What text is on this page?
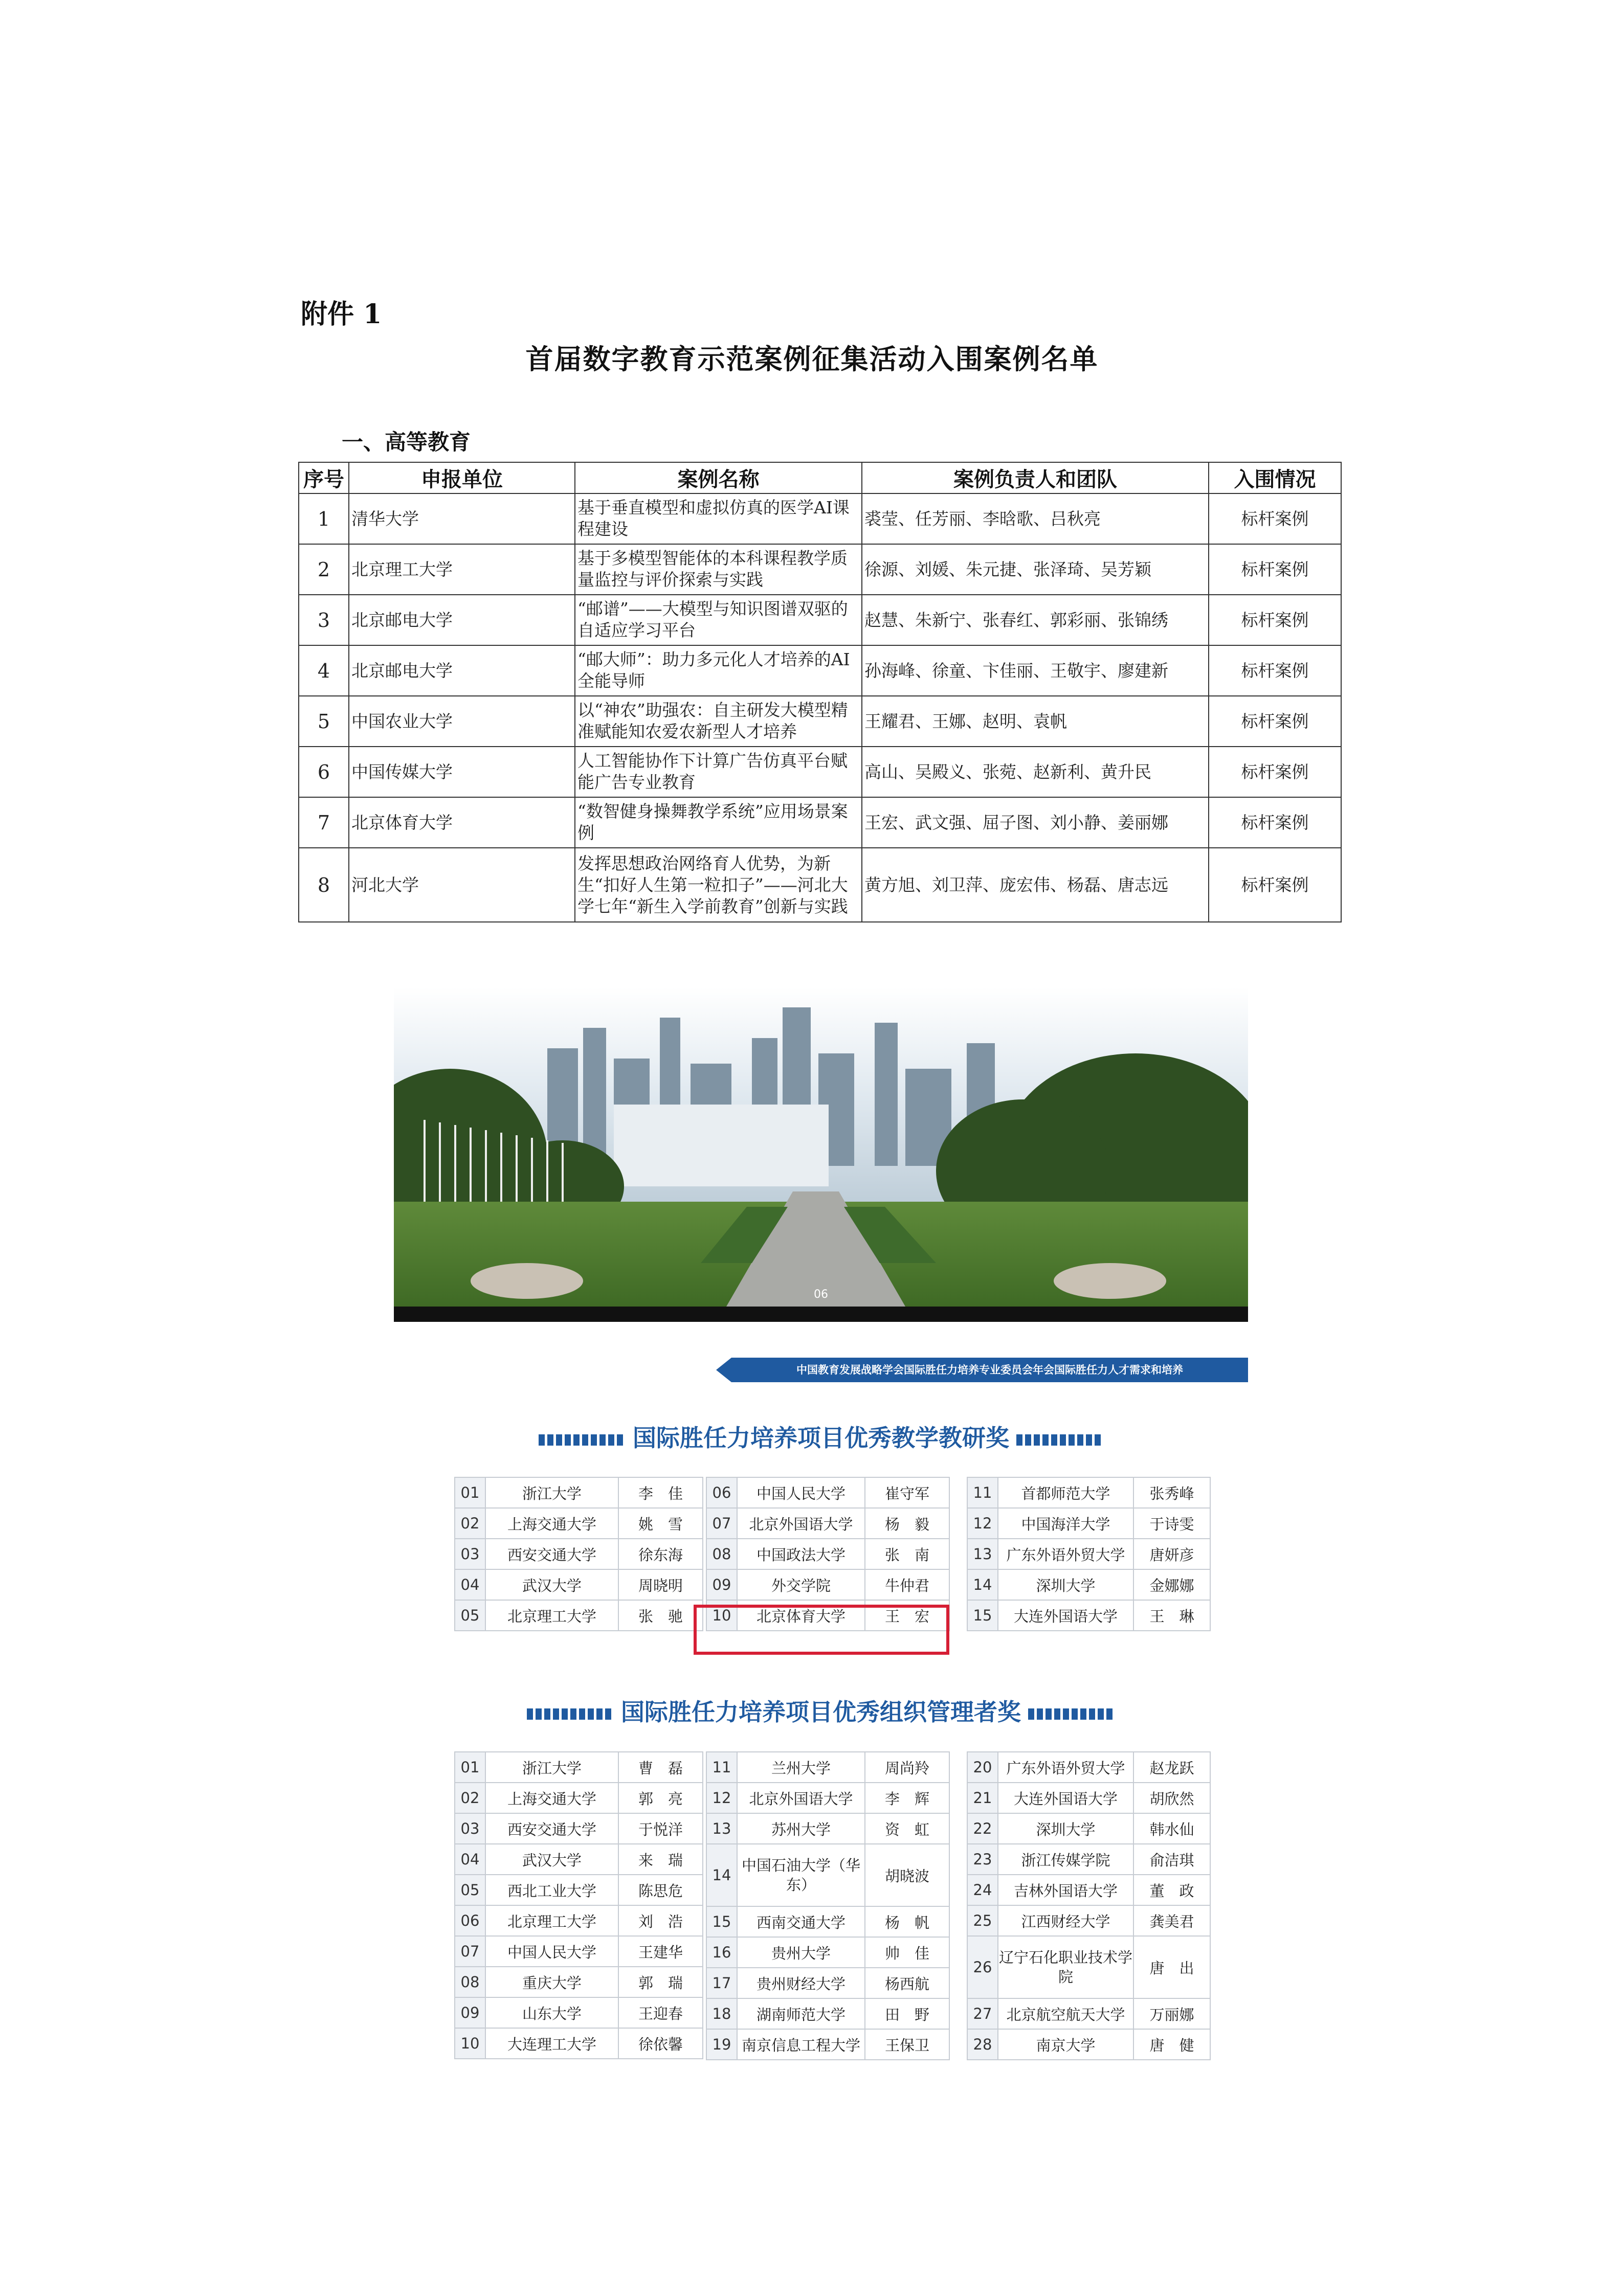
附件 1
首届数字教育示范案例征集活动入围案例名单
一、高等教育
序号	申报单位	案例名称	案例负责人和团队	入围情况
1	清华大学	基于垂直模型和虚拟仿真的医学AI课程建设	裘莹、任芳丽、李晗歌、吕秋亮	标杆案例
2	北京理工大学	基于多模型智能体的本科课程教学质量监控与评价探索与实践	徐源、刘媛、朱元捷、张泽琦、吴芳颖	标杆案例
3	北京邮电大学	“邮谱”——大模型与知识图谱双驱的自适应学习平台	赵慧、朱新宁、张春红、郭彩丽、张锦绣	标杆案例
4	北京邮电大学	“邮大师”：助力多元化人才培养的AI全能导师	孙海峰、徐童、卞佳丽、王敬宇、廖建新	标杆案例
5	中国农业大学	以“神农”助强农：自主研发大模型精准赋能知农爱农新型人才培养	王耀君、王娜、赵明、袁帆	标杆案例
6	中国传媒大学	人工智能协作下计算广告仿真平台赋能广告专业教育	高山、吴殿义、张菀、赵新利、黄升民	标杆案例
7	北京体育大学	“数智健身操舞教学系统”应用场景案例	王宏、武文强、屈子图、刘小静、姜丽娜	标杆案例
8	河北大学	发挥思想政治网络育人优势，为新生“扣好人生第一粒扣子”——河北大学七年“新生入学前教育”创新与实践	黄方旭、刘卫萍、庞宏伟、杨磊、唐志远	标杆案例
06
中国教育发展战略学会国际胜任力培养专业委员会年会国际胜任力人才需求和培养
国际胜任力培养项目优秀教学教研奖
01	浙江大学	李　佳
02	上海交通大学	姚　雪
03	西安交通大学	徐东海
04	武汉大学	周晓明
05	北京理工大学	张　驰
06	中国人民大学	崔守军
07	北京外国语大学	杨　毅
08	中国政法大学	张　南
09	外交学院	牛仲君
10	北京体育大学	王　宏
11	首都师范大学	张秀峰
12	中国海洋大学	于诗雯
13	广东外语外贸大学	唐妍彦
14	深圳大学	金娜娜
15	大连外国语大学	王　琳
国际胜任力培养项目优秀组织管理者奖
01	浙江大学	曹　磊
02	上海交通大学	郭　亮
03	西安交通大学	于悦洋
04	武汉大学	来　瑞
05	西北工业大学	陈思危
06	北京理工大学	刘　浩
07	中国人民大学	王建华
08	重庆大学	郭　瑞
09	山东大学	王迎春
10	大连理工大学	徐依馨
11	兰州大学	周尚羚
12	北京外国语大学	李　辉
13	苏州大学	资　虹
14	中国石油大学（华东）	胡晓波
15	西南交通大学	杨　帆
16	贵州大学	帅　佳
17	贵州财经大学	杨西航
18	湖南师范大学	田　野
19	南京信息工程大学	王保卫
20	广东外语外贸大学	赵龙跃
21	大连外国语大学	胡欣然
22	深圳大学	韩水仙
23	浙江传媒学院	俞洁琪
24	吉林外国语大学	董　政
25	江西财经大学	龚美君
26	辽宁石化职业技术学院	唐　出
27	北京航空航天大学	万丽娜
28	南京大学	唐　健
